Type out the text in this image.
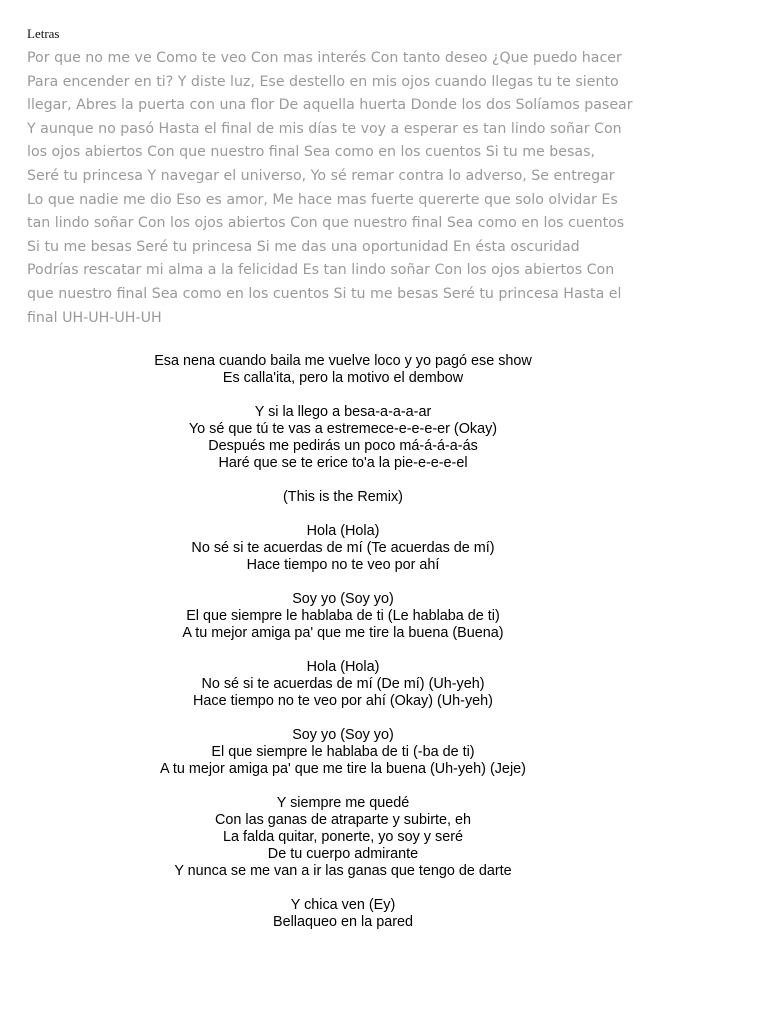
Letras
Por que no me ve Como te veo Con mas interés Con tanto deseo ¿Que puedo hacer
Para encender en ti? Y diste luz, Ese destello en mis ojos cuando llegas tu te siento
llegar, Abres la puerta con una flor De aquella huerta Donde los dos Solíamos pasear
Y aunque no pasó Hasta el final de mis días te voy a esperar es tan lindo soñar Con
los ojos abiertos Con que nuestro final Sea como en los cuentos Si tu me besas,
Seré tu princesa Y navegar el universo, Yo sé remar contra lo adverso, Se entregar
Lo que nadie me dio Eso es amor, Me hace mas fuerte quererte que solo olvidar Es
tan lindo soñar Con los ojos abiertos Con que nuestro final Sea como en los cuentos
Si tu me besas Seré tu princesa Si me das una oportunidad En ésta oscuridad
Podrías rescatar mi alma a la felicidad Es tan lindo soñar Con los ojos abiertos Con
que nuestro final Sea como en los cuentos Si tu me besas Seré tu princesa Hasta el
final UH-UH-UH-UH
Esa nena cuando baila me vuelve loco y yo pagó ese show
Es calla'ita, pero la motivo el dembow
Y si la llego a besa-a-a-a-ar
Yo sé que tú te vas a estremece-e-e-e-er (Okay)
Después me pedirás un poco má-á-á-a-ás
Haré que se te erice to'a la pie-e-e-e-el
(This is the Remix)
Hola (Hola)
No sé si te acuerdas de mí (Te acuerdas de mí)
Hace tiempo no te veo por ahí
Soy yo (Soy yo)
El que siempre le hablaba de ti (Le hablaba de ti)
A tu mejor amiga pa' que me tire la buena (Buena)
Hola (Hola)
No sé si te acuerdas de mí (De mí) (Uh-yeh)
Hace tiempo no te veo por ahí (Okay) (Uh-yeh)
Soy yo (Soy yo)
El que siempre le hablaba de ti (-ba de ti)
A tu mejor amiga pa' que me tire la buena (Uh-yeh) (Jeje)
Y siempre me quedé
Con las ganas de atraparte y subirte, eh
La falda quitar, ponerte, yo soy y seré
De tu cuerpo admirante
Y nunca se me van a ir las ganas que tengo de darte
Y chica ven (Ey)
Bellaqueo en la pared
